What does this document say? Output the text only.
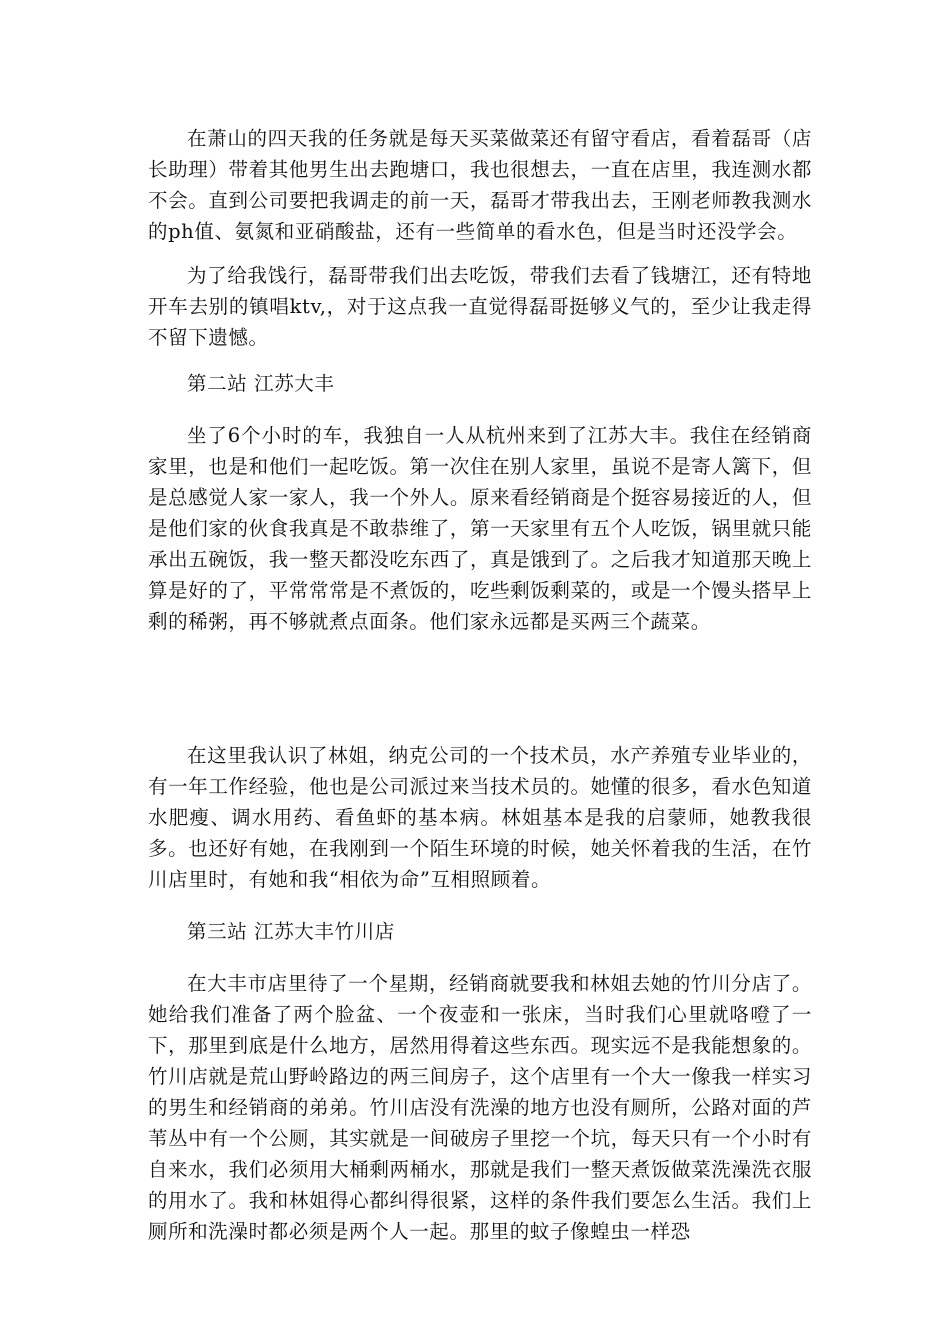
在萧山的四天我的任务就是每天买菜做菜还有留守看店，看着磊哥（店长助理）带着其他男生出去跑塘口，我也很想去，一直在店里，我连测水都不会。直到公司要把我调走的前一天，磊哥才带我出去，王刚老师教我测水的ph值、氨氮和亚硝酸盐，还有一些简单的看水色，但是当时还没学会。

为了给我饯行，磊哥带我们出去吃饭，带我们去看了钱塘江，还有特地开车去别的镇唱ktv,，对于这点我一直觉得磊哥挺够义气的，至少让我走得不留下遗憾。

第二站 江苏大丰

坐了6个小时的车，我独自一人从杭州来到了江苏大丰。我住在经销商家里，也是和他们一起吃饭。第一次住在别人家里，虽说不是寄人篱下，但是总感觉人家一家人，我一个外人。原来看经销商是个挺容易接近的人，但是他们家的伙食我真是不敢恭维了，第一天家里有五个人吃饭，锅里就只能承出五碗饭，我一整天都没吃东西了，真是饿到了。之后我才知道那天晚上算是好的了，平常常常是不煮饭的，吃些剩饭剩菜的，或是一个馒头搭早上剩的稀粥，再不够就煮点面条。他们家永远都是买两三个蔬菜。

在这里我认识了林姐，纳克公司的一个技术员，水产养殖专业毕业的，有一年工作经验，他也是公司派过来当技术员的。她懂的很多，看水色知道水肥瘦、调水用药、看鱼虾的基本病。林姐基本是我的启蒙师，她教我很多。也还好有她，在我刚到一个陌生环境的时候，她关怀着我的生活，在竹川店里时，有她和我“相依为命”互相照顾着。

第三站 江苏大丰竹川店

在大丰市店里待了一个星期，经销商就要我和林姐去她的竹川分店了。她给我们准备了两个脸盆、一个夜壶和一张床，当时我们心里就咯噔了一下，那里到底是什么地方，居然用得着这些东西。现实远不是我能想象的。竹川店就是荒山野岭路边的两三间房子，这个店里有一个大一像我一样实习的男生和经销商的弟弟。竹川店没有洗澡的地方也没有厕所，公路对面的芦苇丛中有一个公厕，其实就是一间破房子里挖一个坑，每天只有一个小时有自来水，我们必须用大桶剩两桶水，那就是我们一整天煮饭做菜洗澡洗衣服的用水了。我和林姐得心都纠得很紧，这样的条件我们要怎么生活。我们上厕所和洗澡时都必须是两个人一起。那里的蚊子像蝗虫一样恐
